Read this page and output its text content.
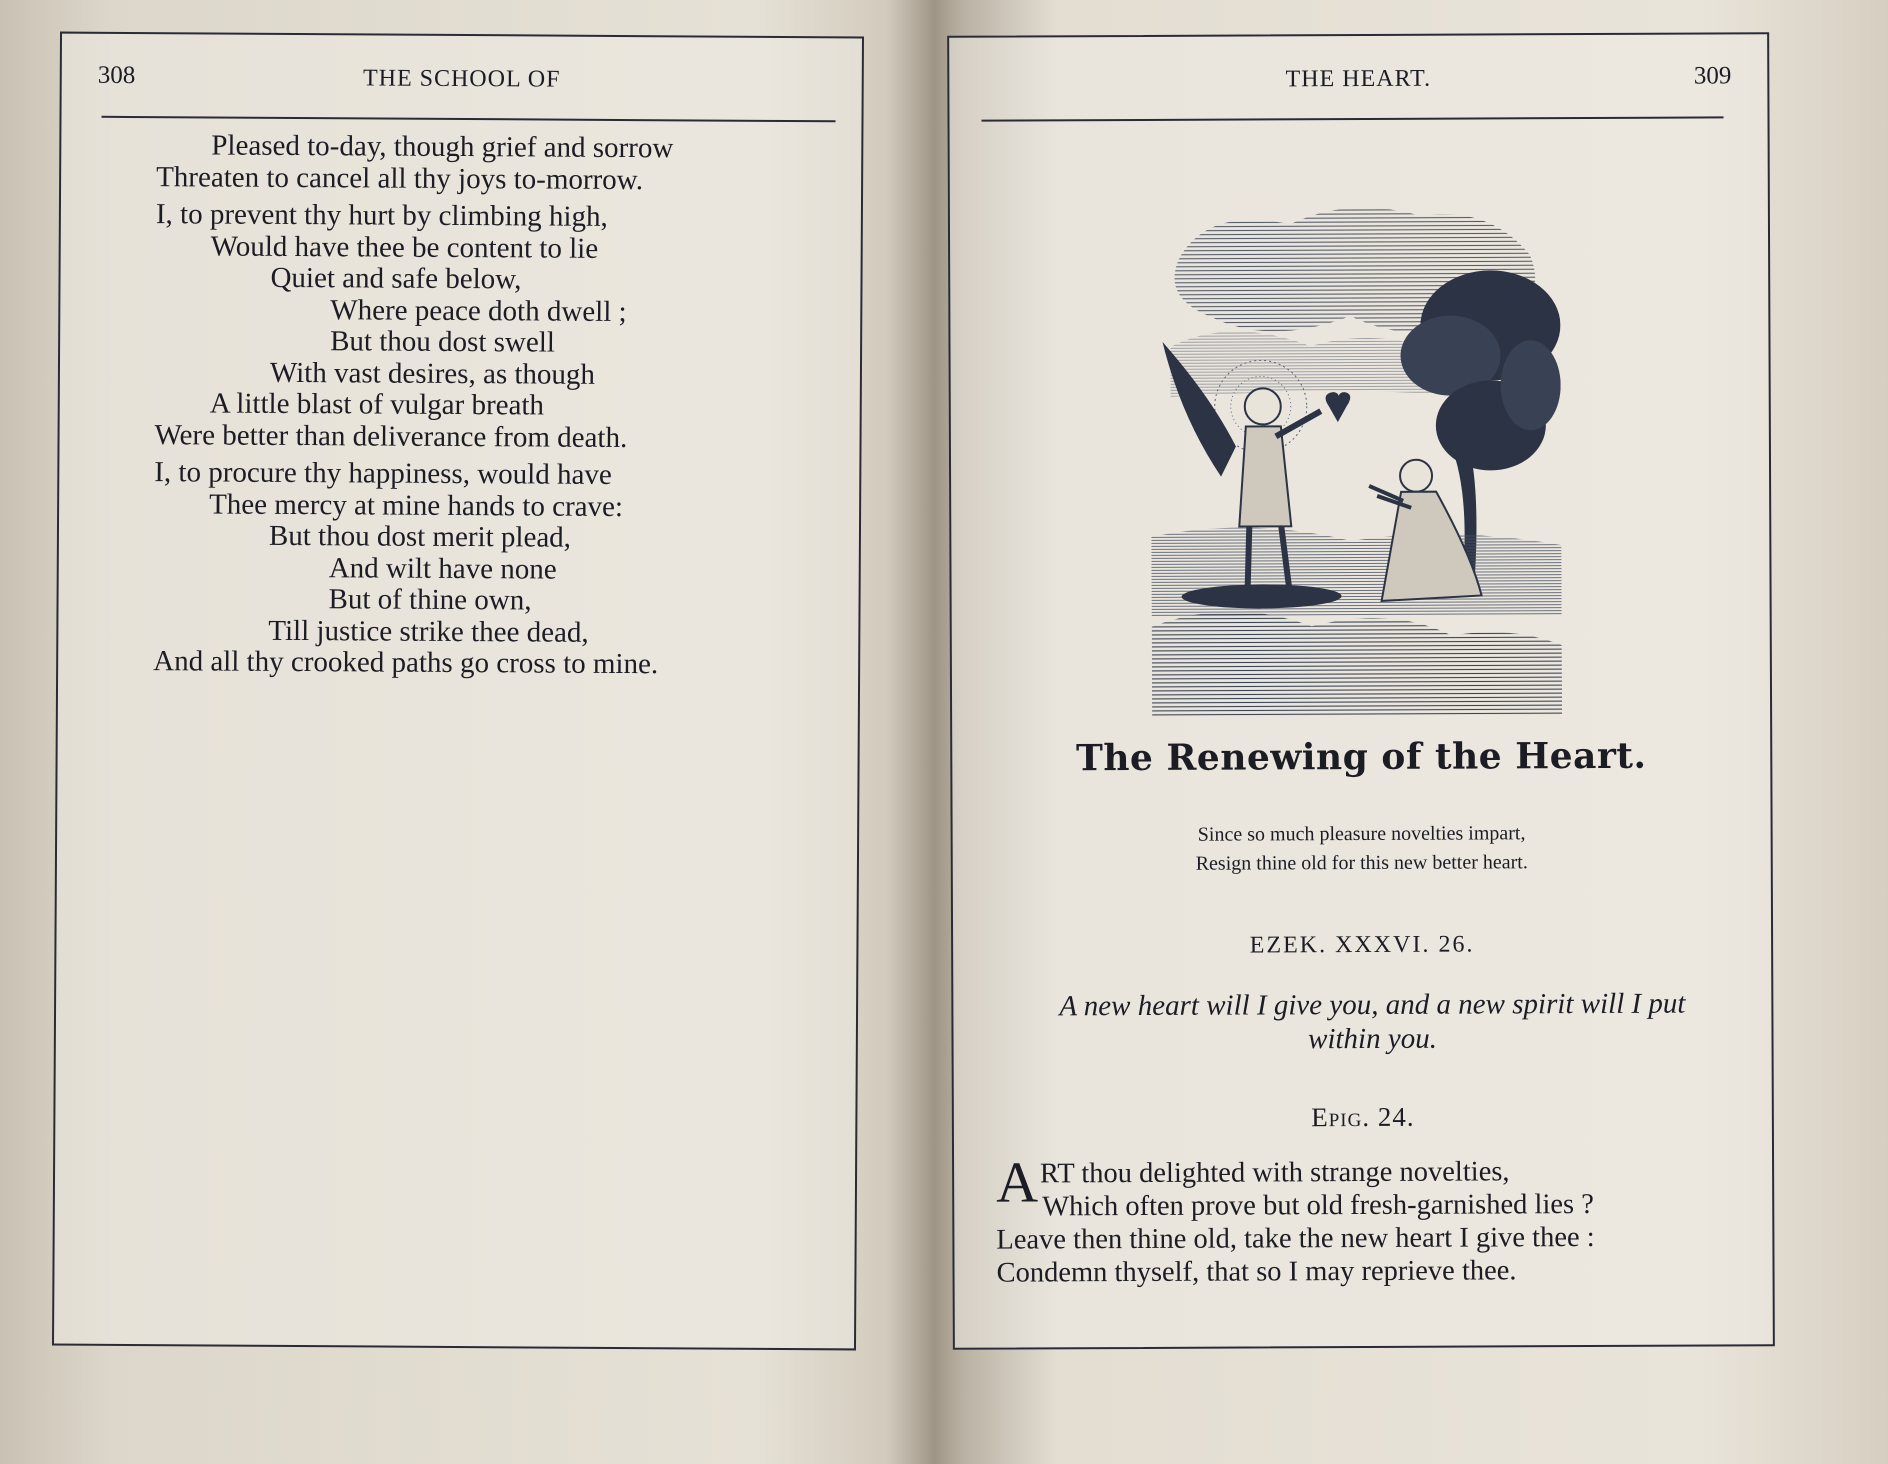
308	THE SCHOOL OF
Pleased to-day, though grief and sorrow
Threaten to cancel all thy joys to-morrow.
I, to prevent thy hurt by climbing high,
Would have thee be content to lie
Quiet and safe below,
Where peace doth dwell ;
But thou dost swell
With vast desires, as though
A little blast of vulgar breath
Were better than deliverance from death.
I, to procure thy happiness, would have
Thee mercy at mine hands to crave:
But thou dost merit plead,
And wilt have none
But of thine own,
Till justice strike thee dead,
And all thy crooked paths go cross to mine.
THE HEART.	309
The Renewing of the Heart.
Since so much pleasure novelties impart,
Resign thine old for this new better heart.
EZEK. XXXVI. 26.
A new heart will I give you, and a new spirit will I put within you.
Epig. 24.
A RT thou delighted with strange novelties,
Which often prove but old fresh-garnished lies ?
Leave then thine old, take the new heart I give thee :
Condemn thyself, that so I may reprieve thee.
